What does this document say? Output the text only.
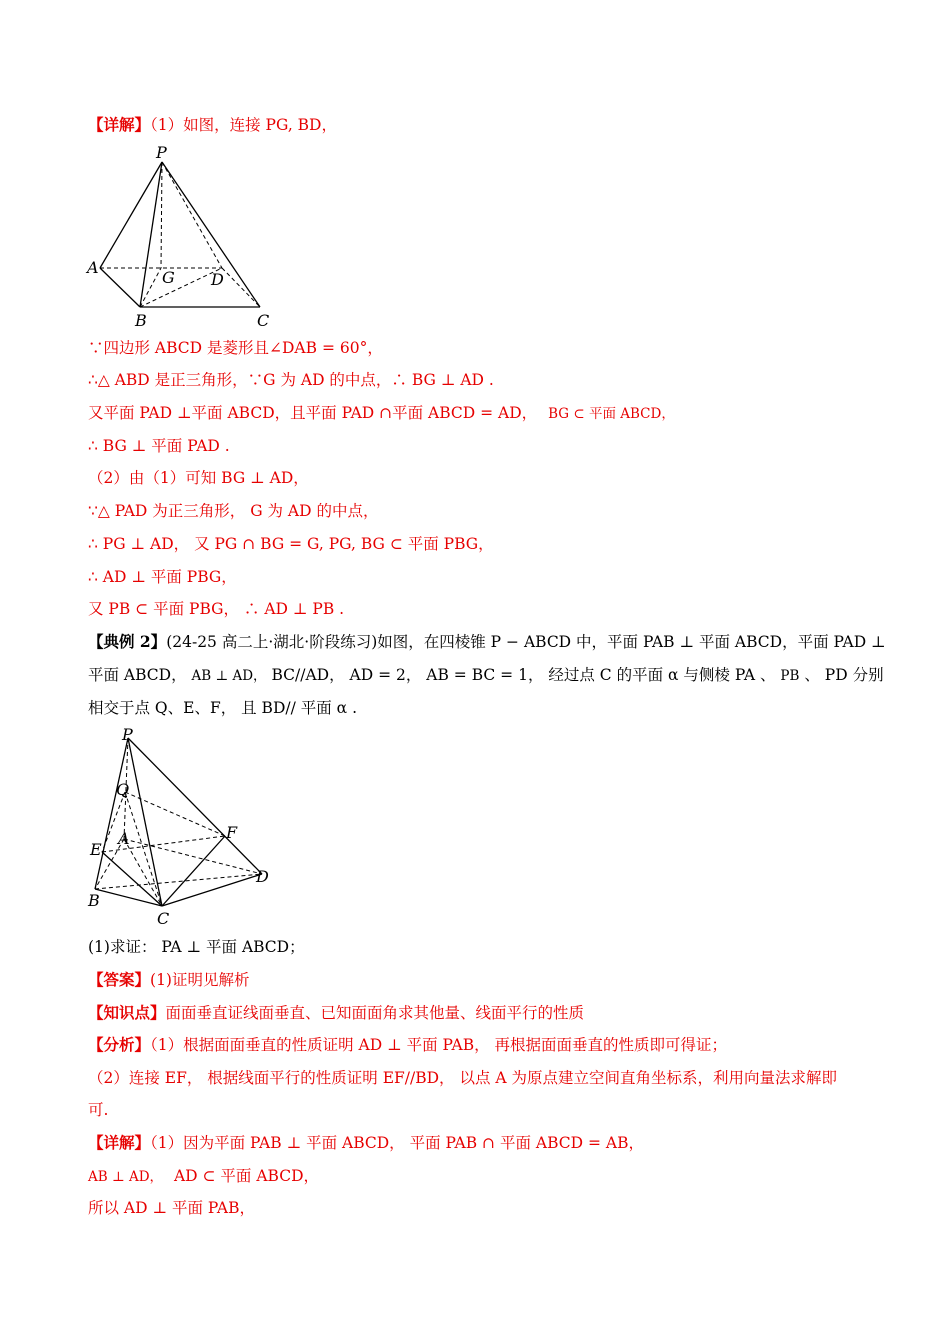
【详解】（1）如图，连接 PG, BD，
P
A
G D
B	C
∵四边形 ABCD 是菱形且∠DAB = 60°，
∴△ ABD 是正三角形，∵G 为 AD 的中点，∴ BG ⊥ AD .
又平面 PAD ⊥平面 ABCD，且平面 PAD ∩平面 ABCD = AD， BG ⊂ 平面 ABCD，
∴ BG ⊥ 平面 PAD .
（2）由（1）可知 BG ⊥ AD，
∵△ PAD 为正三角形， G 为 AD 的中点，
∴ PG ⊥ AD， 又 PG ∩ BG = G, PG, BG ⊂ 平面 PBG，
∴ AD ⊥ 平面 PBG，
又 PB ⊂ 平面 PBG， ∴ AD ⊥ PB .
【典例 2】(24-25 高二上·湖北·阶段练习)如图，在四棱锥 P − ABCD 中，平面 PAB ⊥ 平面 ABCD，平面 PAD ⊥
平面 ABCD， AB ⊥ AD， BC//AD， AD = 2， AB = BC = 1， 经过点 C 的平面 α 与侧棱 PA 、 PB 、 PD 分别
相交于点 Q、E、F， 且 BD// 平面 α .
P
Q
F
E
A
D
B
C
(1)求证： PA ⊥ 平面 ABCD；
【答案】(1)证明见解析
【知识点】面面垂直证线面垂直、已知面面角求其他量、线面平行的性质
【分析】（1）根据面面垂直的性质证明 AD ⊥ 平面 PAB， 再根据面面垂直的性质即可得证；
（2）连接 EF， 根据线面平行的性质证明 EF//BD， 以点 A 为原点建立空间直角坐标系，利用向量法求解即
可.
【详解】（1）因为平面 PAB ⊥ 平面 ABCD， 平面 PAB ∩ 平面 ABCD = AB，
AB ⊥ AD， AD ⊂ 平面 ABCD，
所以 AD ⊥ 平面 PAB，
